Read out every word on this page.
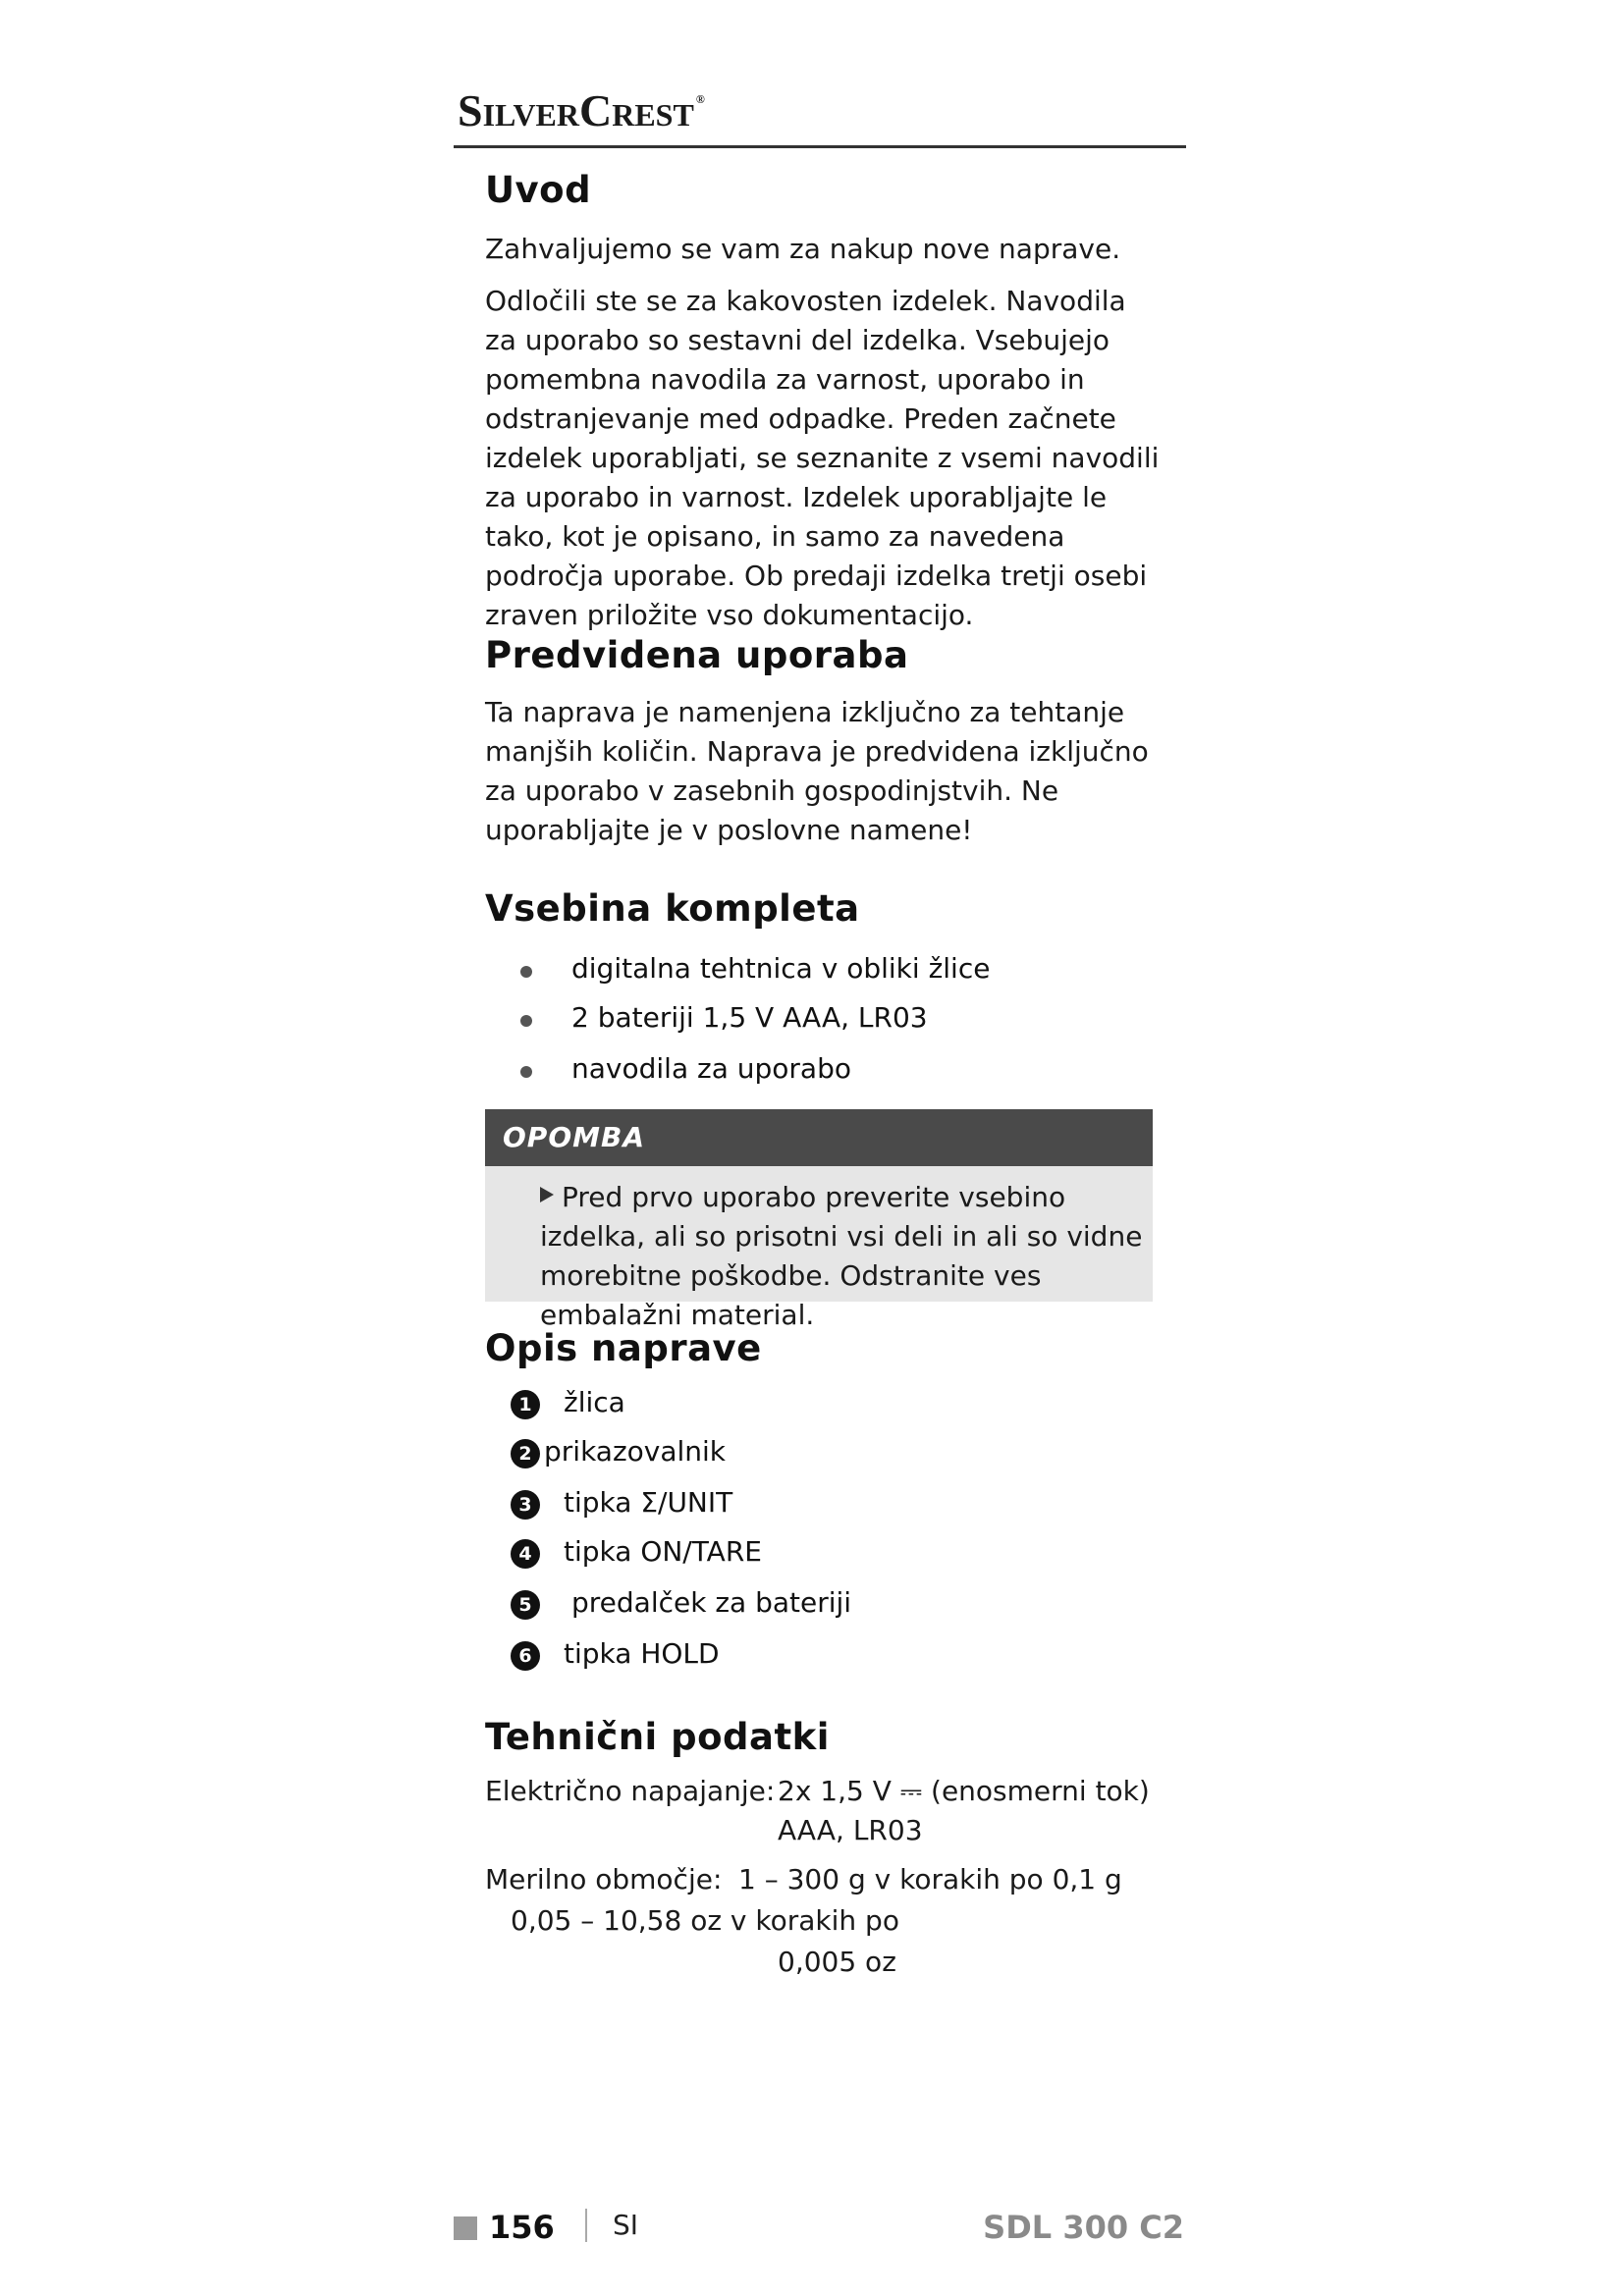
SilverCrest ®
Uvod

Zahvaljujemo se vam za nakup nove naprave.

Odločili ste se za kakovosten izdelek. Navodila za uporabo so sestavni del izdelka. Vsebujejo pomembna navodila za varnost, uporabo in odstranjevanje med odpadke. Preden začnete izdelek uporabljati, se seznanite z vsemi navodili za uporabo in varnost. Izdelek uporabljajte le tako, kot je opisano, in samo za navedena področja uporabe. Ob predaji izdelka tretji osebi zraven priložite vso dokumentacijo.

Predvidena uporaba

Ta naprava je namenjena izključno za tehtanje manjših količin. Naprava je predvidena izključno za uporabo v zasebnih gospodinjstvih. Ne uporabljajte je v poslovne namene!

Vsebina kompleta
digitalna tehtnica v obliki žlice
2 bateriji 1,5 V AAA, LR03
navodila za uporabo
OPOMBA
Pred prvo uporabo preverite vsebino izdelka, ali so prisotni vsi deli in ali so vidne morebitne poškodbe. Odstranite ves embalažni material.
Opis naprave
1 žlica
2 prikazovalnik
3 tipka Σ/UNIT
4 tipka ON/TARE
5 predalček za bateriji
6 tipka HOLD
Tehnični podatki
Električno napajanje: 2x 1,5 V ⎓ (enosmerni tok)
AAA, LR03
Merilno območje: 1 – 300 g v korakih po 0,1 g
0,05 – 10,58 oz v korakih po
0,005 oz
156 SI	SDL 300 C2
